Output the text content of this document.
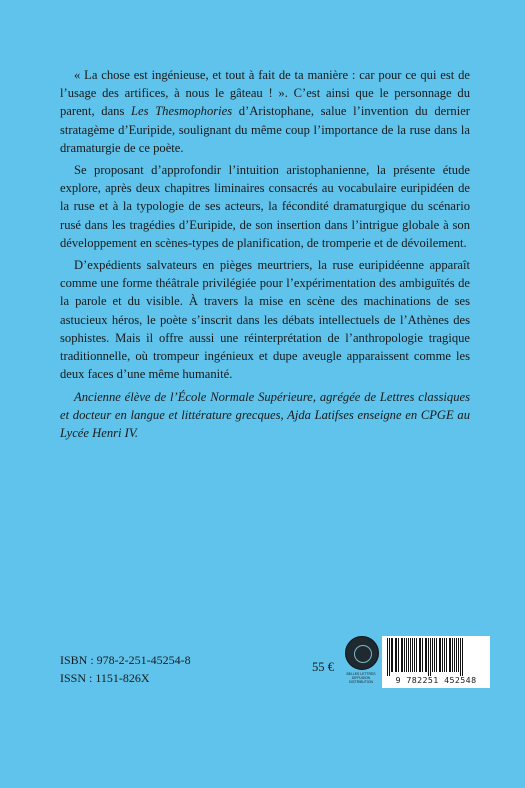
« La chose est ingénieuse, et tout à fait de ta manière : car pour ce qui est de l’usage des artifices, à nous le gâteau ! ». C’est ainsi que le personnage du parent, dans Les Thesmophories d’Aristophane, salue l’invention du dernier stratagème d’Euripide, soulignant du même coup l’importance de la ruse dans la dramaturgie de ce poète.

Se proposant d’approfondir l’intuition aristophanienne, la présente étude explore, après deux chapitres liminaires consacrés au vocabulaire euripidéen de la ruse et à la typologie de ses acteurs, la fécondité dramaturgique du scénario rusé dans les tragédies d’Euripide, de son insertion dans l’intrigue globale à son développement en scènes-types de planification, de tromperie et de dévoilement.

D’expédients salvateurs en pièges meurtriers, la ruse euripidéenne apparaît comme une forme théâtrale privilégiée pour l’expérimentation des ambiguïtés de la parole et du visible. À travers la mise en scène des machinations de ses astucieux héros, le poète s’inscrit dans les débats intellectuels de l’Athènes des sophistes. Mais il offre aussi une réinterprétation de l’anthropologie tragique traditionnelle, où trompeur ingénieux et dupe aveugle apparaissent comme les deux faces d’une même humanité.

Ancienne élève de l’École Normale Supérieure, agrégée de Lettres classiques et docteur en langue et littérature grecques, Ajda Latifses enseigne en CPGE au Lycée Henri IV.

ISBN : 978-2-251-45254-8
ISSN : 1151-826X
55 €	BELLES LETTRES DIFFUSION DISTRIBUTION	9 782251 452548
